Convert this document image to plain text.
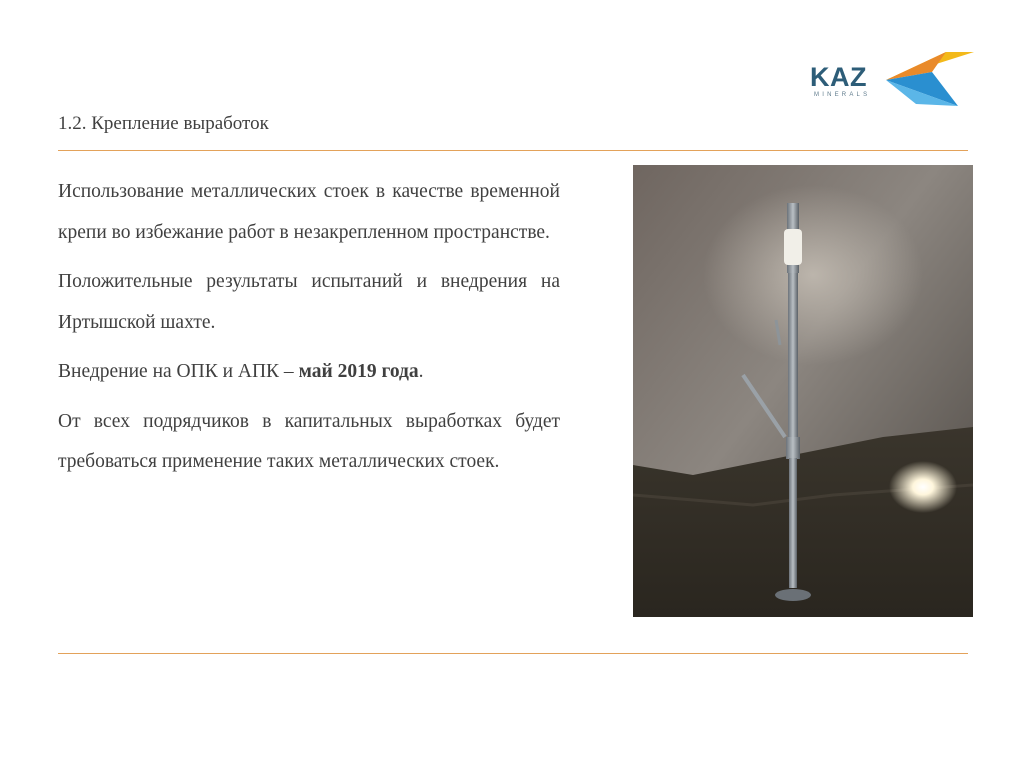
1.2. Крепление выработок
KAZ
MINERALS

Использование металлических стоек в качестве временной крепи во избежание работ в незакрепленном пространстве.

Положительные результаты испытаний и внедрения на Иртышской шахте.

Внедрение на ОПК и АПК – май 2019 года.

От всех подрядчиков в капитальных выработках будет требоваться применение таких металлических стоек.
